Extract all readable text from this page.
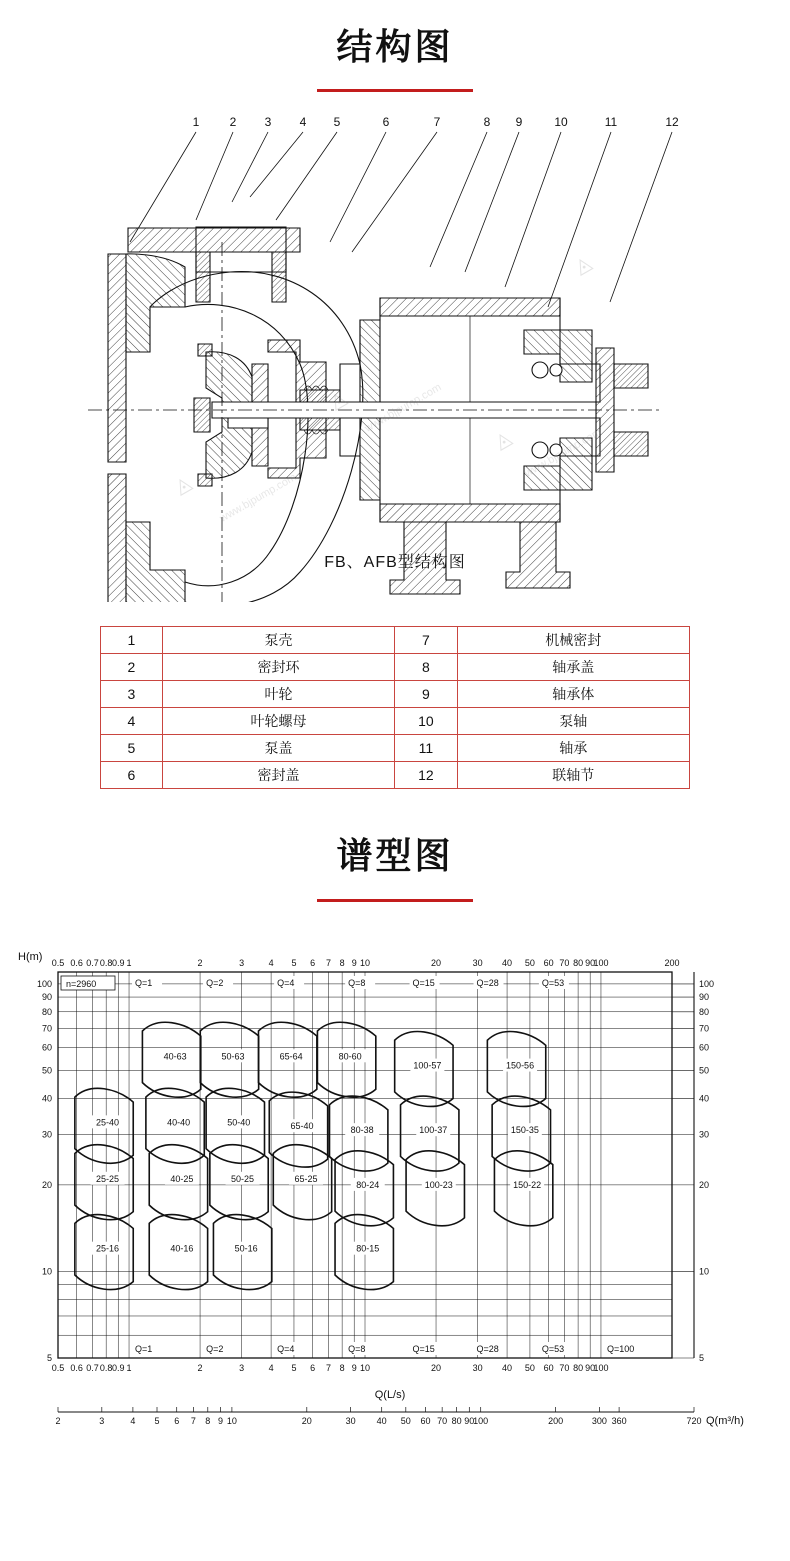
结构图
1	2 3 4 5	6	7	8 9	10	11	12
www.bjpump.com
◬
◬
◬
◬
FB、AFB型结构图
1	泵壳	7	机械密封
2	密封环	8	轴承盖
3	叶轮	9	轴承体
4	叶轮螺母	10	泵轴
5	泵盖	11	轴承
6	密封盖	12	联轴节
谱型图
0.5 0.6 0.7 0.8 0.9 1	2	3	4 5 6 7 8 9 10	20	30 40 50 60 70 80 90
100	200
0.5 0.6 0.7 0.8 0.9 1	2	3	4 5 6 7 8 9 10	20	30 40 50 60 70 80 90
100
5	5
10	10
20	20
30	30
40	40
50	50
60	60
70	70
80	80
90	90
100	100
H(m)
Q(L/s)
n=2960	Q=1	Q=2	Q=4	Q=8	Q=15	Q=28	Q=53
Q=1	Q=2	Q=4	Q=8	Q=15	Q=28	Q=53	Q=100
40-63	50-63	65-64	80-60
100-57	150-56
25-40	40-40	50-40	65-40	80-38	100-37	150-35
25-25	40-25	50-25	65-25
80-24	100-23	150-22
25-16	40-16	50-16	80-15
2	3	4 5 6 7 8 9 10	20	30 40 50 60 70 80 90
100	200	300 360	720 Q(m³/h)
